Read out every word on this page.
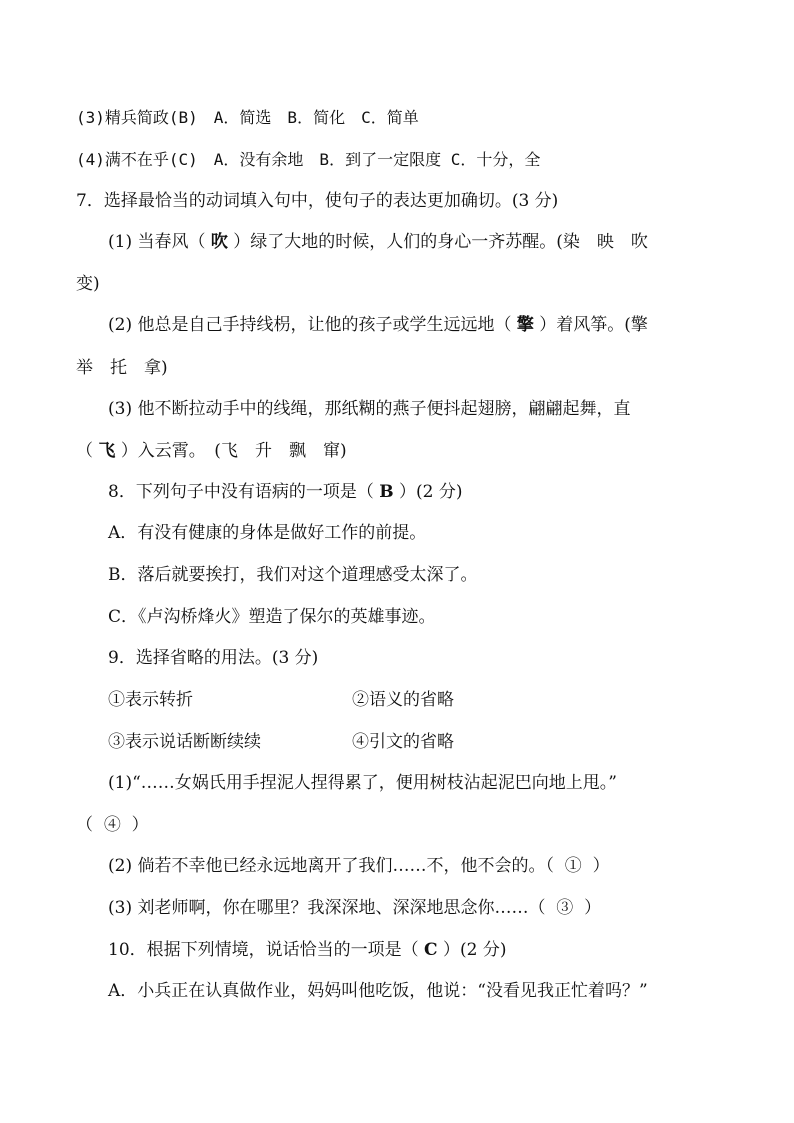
(3)精兵简政(B)　A．简选　B．简化　C．简单
(4)满不在乎(C)　A．没有余地　B．到了一定限度 C．十分，全
7．选择最恰当的动词填入句中，使句子的表达更加确切。(3 分)
(1) 当春风（ 吹 ）绿了大地的时候，人们的身心一齐苏醒。(染　映　吹
变)
(2) 他总是自己手持线枴，让他的孩子或学生远远地（ 擎 ）着风筝。(擎
举　托　拿)
(3) 他不断拉动手中的线绳，那纸糊的燕子便抖起翅膀，翩翩起舞，直
（ 飞 ）入云霄。　(飞　升　飘　窜)
8．下列句子中没有语病的一项是（ B ）(2 分)
A．有没有健康的身体是做好工作的前提。
B．落后就要挨打，我们对这个道理感受太深了。
C．《卢沟桥烽火》塑造了保尔的英雄事迹。
9．选择省略的用法。(3 分)
①表示转折	②语义的省略
③表示说话断断续续	④引文的省略
(1)“……女娲氏用手捏泥人捏得累了，便用树枝沾起泥巴向地上甩。”
（ ④ ）
(2) 倘若不幸他已经永远地离开了我们……不，他不会的。（ ① ）
(3) 刘老师啊，你在哪里？我深深地、深深地思念你……（ ③ ）
10．根据下列情境，说话恰当的一项是（ C ）(2 分)
A．小兵正在认真做作业，妈妈叫他吃饭，他说：“没看见我正忙着吗？”
